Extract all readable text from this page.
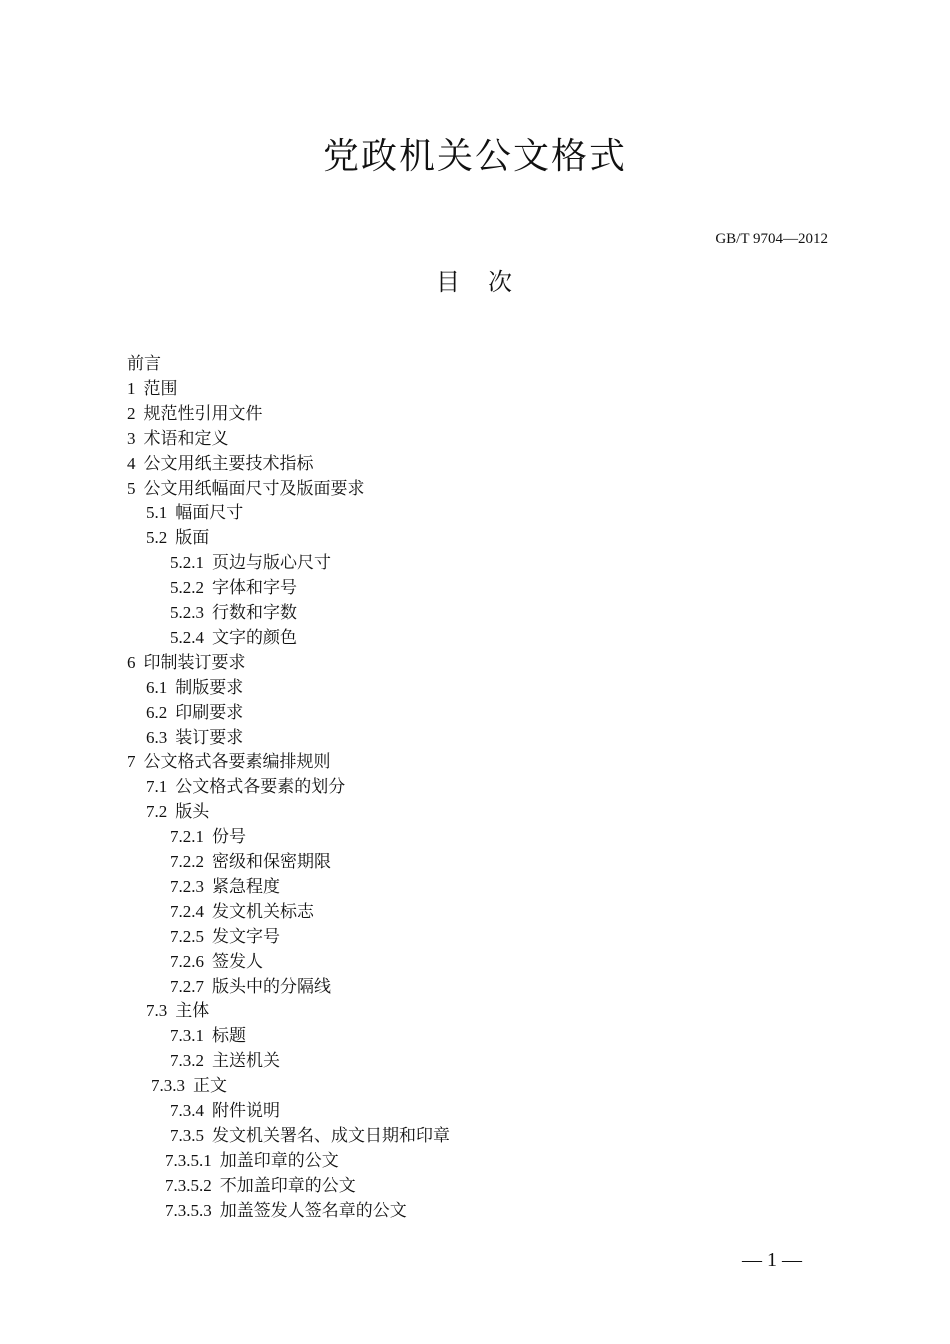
党政机关公文格式
GB/T 9704—2012
目　次
前言
1 范围
2 规范性引用文件
3 术语和定义
4 公文用纸主要技术指标
5 公文用纸幅面尺寸及版面要求
5.1 幅面尺寸
5.2 版面
5.2.1 页边与版心尺寸
5.2.2 字体和字号
5.2.3 行数和字数
5.2.4 文字的颜色
6 印制装订要求
6.1 制版要求
6.2 印刷要求
6.3 装订要求
7 公文格式各要素编排规则
7.1 公文格式各要素的划分
7.2 版头
7.2.1 份号
7.2.2 密级和保密期限
7.2.3 紧急程度
7.2.4 发文机关标志
7.2.5 发文字号
7.2.6 签发人
7.2.7 版头中的分隔线
7.3 主体
7.3.1 标题
7.3.2 主送机关
7.3.3 正文
7.3.4 附件说明
7.3.5 发文机关署名、成文日期和印章
7.3.5.1 加盖印章的公文
7.3.5.2 不加盖印章的公文
7.3.5.3 加盖签发人签名章的公文
— 1 —
